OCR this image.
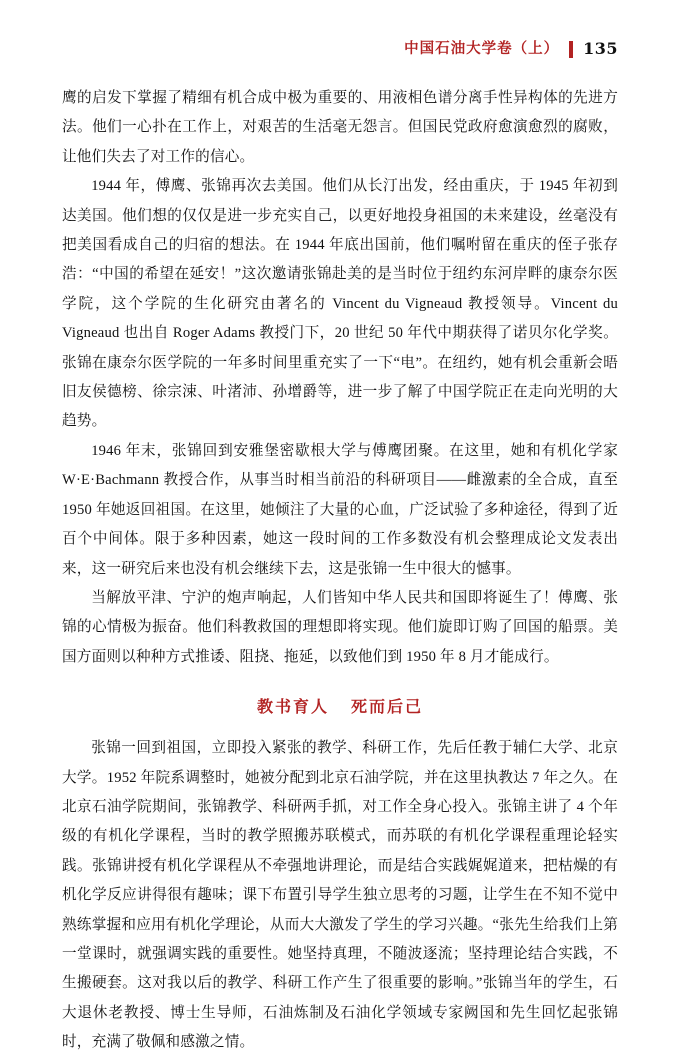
中国石油大学卷（上） 135

鹰的启发下掌握了精细有机合成中极为重要的、用液相色谱分离手性异构体的先进方法。他们一心扑在工作上，对艰苦的生活毫无怨言。但国民党政府愈演愈烈的腐败，让他们失去了对工作的信心。

1944 年，傅鹰、张锦再次去美国。他们从长汀出发，经由重庆，于 1945 年初到达美国。他们想的仅仅是进一步充实自己，以更好地投身祖国的未来建设，丝毫没有把美国看成自己的归宿的想法。在 1944 年底出国前，他们嘱咐留在重庆的侄子张存浩：“中国的希望在延安！”这次邀请张锦赴美的是当时位于纽约东河岸畔的康奈尔医学院，这个学院的生化研究由著名的 Vincent du Vigneaud 教授领导。Vincent du Vigneaud 也出自 Roger Adams 教授门下，20 世纪 50 年代中期获得了诺贝尔化学奖。张锦在康奈尔医学院的一年多时间里重充实了一下“电”。在纽约，她有机会重新会晤旧友侯德榜、徐宗涑、叶渚沛、孙增爵等，进一步了解了中国学院正在走向光明的大趋势。

1946 年末，张锦回到安雅堡密歇根大学与傅鹰团聚。在这里，她和有机化学家 W·E·Bachmann 教授合作，从事当时相当前沿的科研项目——雌激素的全合成，直至 1950 年她返回祖国。在这里，她倾注了大量的心血，广泛试验了多种途径，得到了近百个中间体。限于多种因素，她这一段时间的工作多数没有机会整理成论文发表出来，这一研究后来也没有机会继续下去，这是张锦一生中很大的憾事。

当解放平津、宁沪的炮声响起，人们皆知中华人民共和国即将诞生了！傅鹰、张锦的心情极为振奋。他们科教救国的理想即将实现。他们旋即订购了回国的船票。美国方面则以种种方式推诿、阻挠、拖延，以致他们到 1950 年 8 月才能成行。

教书育人 死而后己

张锦一回到祖国，立即投入紧张的教学、科研工作，先后任教于辅仁大学、北京大学。1952 年院系调整时，她被分配到北京石油学院，并在这里执教达 7 年之久。在北京石油学院期间，张锦教学、科研两手抓，对工作全身心投入。张锦主讲了 4 个年级的有机化学课程，当时的教学照搬苏联模式，而苏联的有机化学课程重理论轻实践。张锦讲授有机化学课程从不牵强地讲理论，而是结合实践娓娓道来，把枯燥的有机化学反应讲得很有趣味；课下布置引导学生独立思考的习题，让学生在不知不觉中熟练掌握和应用有机化学理论，从而大大激发了学生的学习兴趣。“张先生给我们上第一堂课时，就强调实践的重要性。她坚持真理，不随波逐流；坚持理论结合实践，不生搬硬套。这对我以后的教学、科研工作产生了很重要的影响。”张锦当年的学生，石大退休老教授、博士生导师，石油炼制及石油化学领域专家阙国和先生回忆起张锦时，充满了敬佩和感激之情。
